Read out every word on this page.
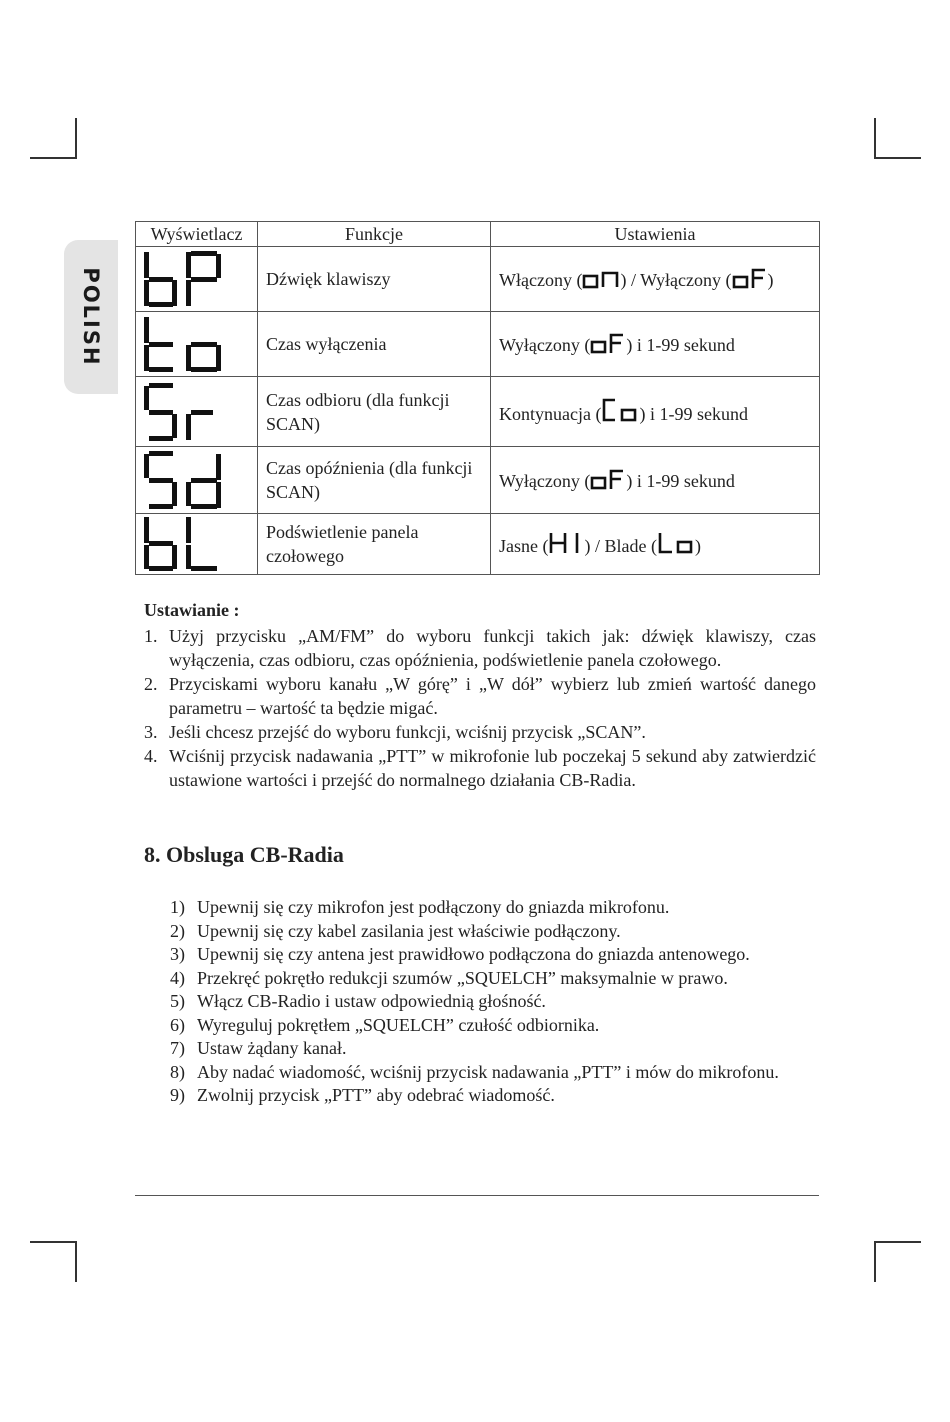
POLISH
Wyświetlacz	Funkcje	Ustawienia

	Dźwięk klawiszy	Włączony ( ) / Wyłączony ( )

	Czas wyłączenia	Wyłączony ( ) i 1-99 sekund

	Czas odbioru (dla funkcji SCAN)	Kontynuacja ( ) i 1-99 sekund

	Czas opóźnienia (dla funkcji SCAN)	Wyłączony ( ) i 1-99 sekund

	Podświetlenie panela czołowego	Jasne ( ) / Blade ( )
Ustawianie :
1. Użyj przycisku „AM/FM” do wyboru funkcji takich jak: dźwięk klawiszy, czas wyłączenia, czas odbioru, czas opóźnienia, podświetlenie panela czołowego.
2. Przyciskami wyboru kanału „W górę” i „W dół” wybierz lub zmień wartość danego parametru – wartość ta będzie migać.
3. Jeśli chcesz przejść do wyboru funkcji, wciśnij przycisk „SCAN”.
4. Wciśnij przycisk nadawania „PTT” w mikrofonie lub poczekaj 5 sekund aby zatwierdzić ustawione wartości i przejść do normalnego działania CB-Radia.
8. Obsluga CB-Radia
1) Upewnij się czy mikrofon jest podłączony do gniazda mikrofonu.
2) Upewnij się czy kabel zasilania jest właściwie podłączony.
3) Upewnij się czy antena jest prawidłowo podłączona do gniazda antenowego.
4) Przekręć pokrętło redukcji szumów „SQUELCH” maksymalnie w prawo.
5) Włącz CB-Radio i ustaw odpowiednią głośność.
6) Wyreguluj pokrętłem „SQUELCH” czułość odbiornika.
7) Ustaw żądany kanał.
8) Aby nadać wiadomość, wciśnij przycisk nadawania „PTT” i mów do mikrofonu.
9) Zwolnij przycisk „PTT” aby odebrać wiadomość.
